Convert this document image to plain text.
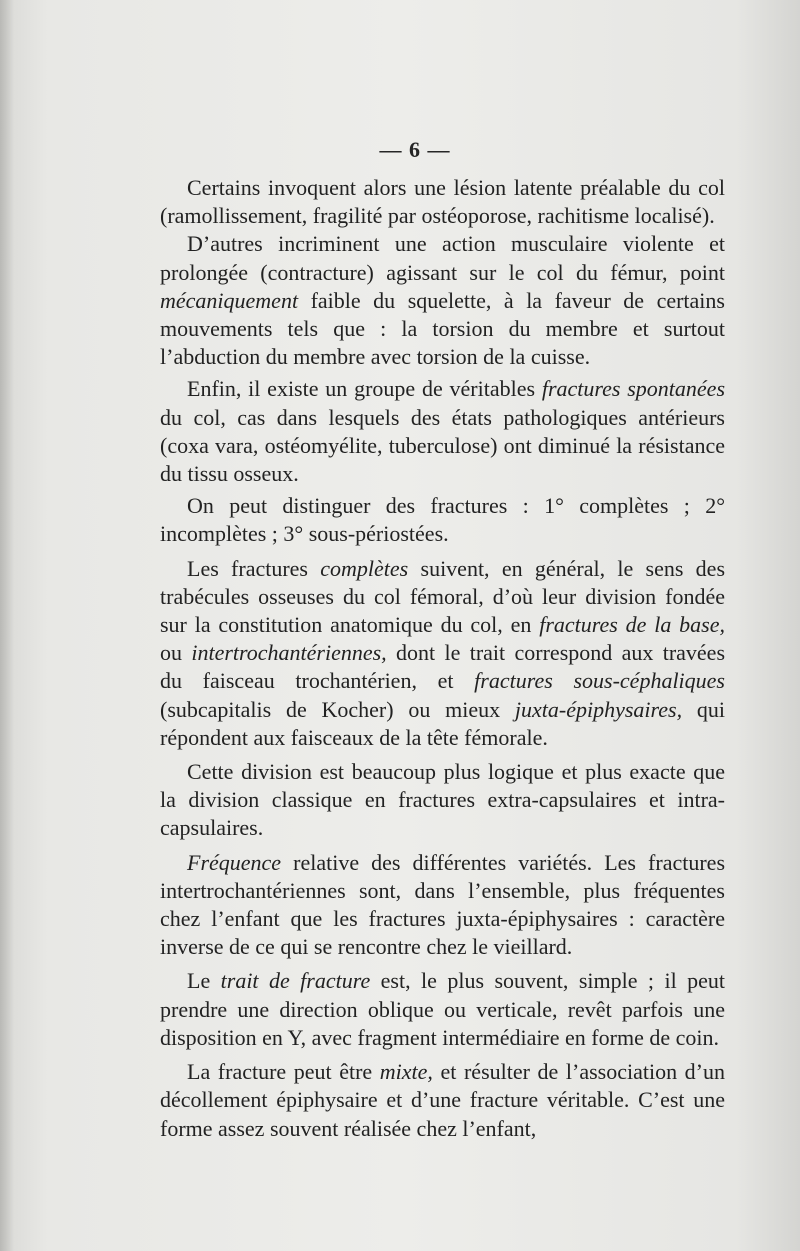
— 6 —

Certains invoquent alors une lésion latente préalable du col (ramollissement, fragilité par ostéoporose, rachitisme localisé).

D’autres incriminent une action musculaire violente et prolongée (contracture) agissant sur le col du fémur, point mécaniquement faible du squelette, à la faveur de certains mouvements tels que : la torsion du membre et surtout l’abduction du membre avec torsion de la cuisse.

Enfin, il existe un groupe de véritables fractures spontanées du col, cas dans lesquels des états pathologiques antérieurs (coxa vara, ostéomyélite, tuberculose) ont diminué la résistance du tissu osseux.

On peut distinguer des fractures : 1° complètes ; 2° incomplètes ; 3° sous-périostées.

Les fractures complètes suivent, en général, le sens des trabécules osseuses du col fémoral, d’où leur division fondée sur la constitution anatomique du col, en fractures de la base, ou intertrochantériennes, dont le trait correspond aux travées du faisceau trochantérien, et fractures sous-céphaliques (subcapitalis de Kocher) ou mieux juxta-épiphysaires, qui répondent aux faisceaux de la tête fémorale.

Cette division est beaucoup plus logique et plus exacte que la division classique en fractures extra-capsulaires et intra-capsulaires.

Fréquence relative des différentes variétés. Les fractures intertrochantériennes sont, dans l’ensemble, plus fréquentes chez l’enfant que les fractures juxta-épiphysaires : caractère inverse de ce qui se rencontre chez le vieillard.

Le trait de fracture est, le plus souvent, simple ; il peut prendre une direction oblique ou verticale, revêt parfois une disposition en Y, avec fragment intermédiaire en forme de coin.

La fracture peut être mixte, et résulter de l’association d’un décollement épiphysaire et d’une fracture véritable. C’est une forme assez souvent réalisée chez l’enfant,
